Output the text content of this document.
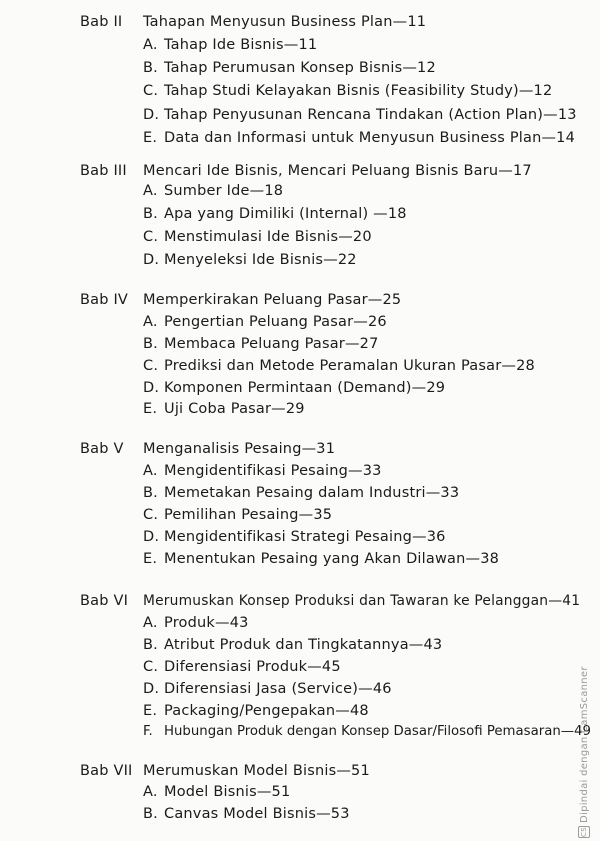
Bab II Tahapan Menyusun Business Plan—11
A. Tahap Ide Bisnis—11
B. Tahap Perumusan Konsep Bisnis—12
C. Tahap Studi Kelayakan Bisnis (Feasibility Study)—12
D. Tahap Penyusunan Rencana Tindakan (Action Plan)—13
E. Data dan Informasi untuk Menyusun Business Plan—14
Bab III Mencari Ide Bisnis, Mencari Peluang Bisnis Baru—17
A. Sumber Ide—18
B. Apa yang Dimiliki (Internal) —18
C. Menstimulasi Ide Bisnis—20
D. Menyeleksi Ide Bisnis—22
Bab IV Memperkirakan Peluang Pasar—25
A. Pengertian Peluang Pasar—26
B. Membaca Peluang Pasar—27
C. Prediksi dan Metode Peramalan Ukuran Pasar—28
D. Komponen Permintaan (Demand)—29
E. Uji Coba Pasar—29
Bab V Menganalisis Pesaing—31
A. Mengidentifikasi Pesaing—33
B. Memetakan Pesaing dalam Industri—33
C. Pemilihan Pesaing—35
D. Mengidentifikasi Strategi Pesaing—36
E. Menentukan Pesaing yang Akan Dilawan—38
Bab VI Merumuskan Konsep Produksi dan Tawaran ke Pelanggan—41
A. Produk—43
B. Atribut Produk dan Tingkatannya—43
C. Diferensiasi Produk—45
D. Diferensiasi Jasa (Service)—46
E. Packaging/Pengepakan—48
F. Hubungan Produk dengan Konsep Dasar/Filosofi Pemasaran—49
Bab VII Merumuskan Model Bisnis—51
A. Model Bisnis—51
B. Canvas Model Bisnis—53
CSDipindai dengan CamScanner
